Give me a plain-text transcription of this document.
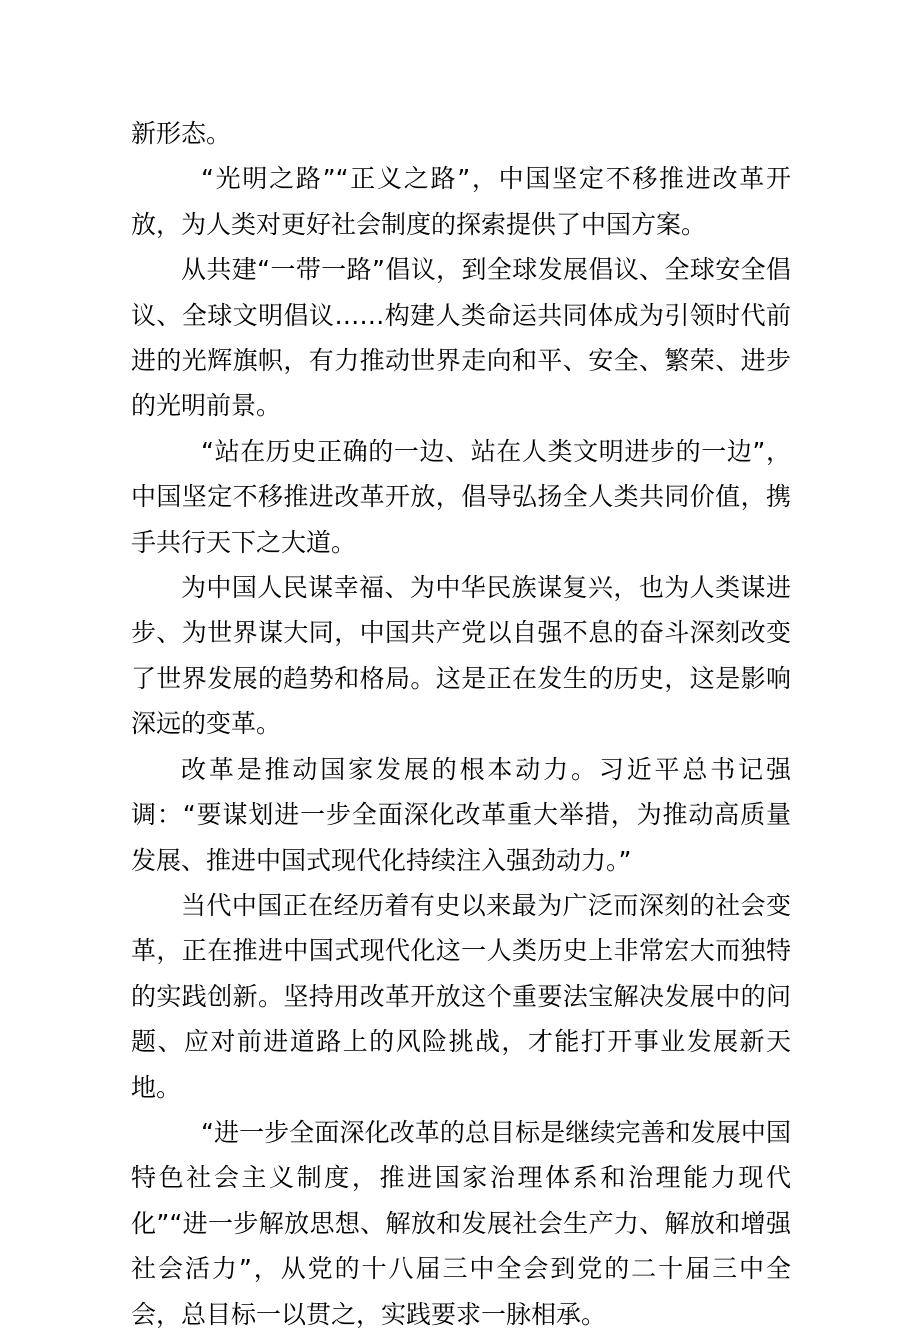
新形态。

“光明之路”“正义之路”，中国坚定不移推进改革开放，为人类对更好社会制度的探索提供了中国方案。

从共建“一带一路”倡议，到全球发展倡议、全球安全倡议、全球文明倡议……构建人类命运共同体成为引领时代前进的光辉旗帜，有力推动世界走向和平、安全、繁荣、进步的光明前景。

“站在历史正确的一边、站在人类文明进步的一边”，中国坚定不移推进改革开放，倡导弘扬全人类共同价值，携手共行天下之大道。

为中国人民谋幸福、为中华民族谋复兴，也为人类谋进步、为世界谋大同，中国共产党以自强不息的奋斗深刻改变了世界发展的趋势和格局。这是正在发生的历史，这是影响深远的变革。

改革是推动国家发展的根本动力。习近平总书记强调：“要谋划进一步全面深化改革重大举措，为推动高质量发展、推进中国式现代化持续注入强劲动力。”

当代中国正在经历着有史以来最为广泛而深刻的社会变革，正在推进中国式现代化这一人类历史上非常宏大而独特的实践创新。坚持用改革开放这个重要法宝解决发展中的问题、应对前进道路上的风险挑战，才能打开事业发展新天地。

“进一步全面深化改革的总目标是继续完善和发展中国特色社会主义制度，推进国家治理体系和治理能力现代化”“进一步解放思想、解放和发展社会生产力、解放和增强社会活力”，从党的十八届三中全会到党的二十届三中全会，总目标一以贯之，实践要求一脉相承。
